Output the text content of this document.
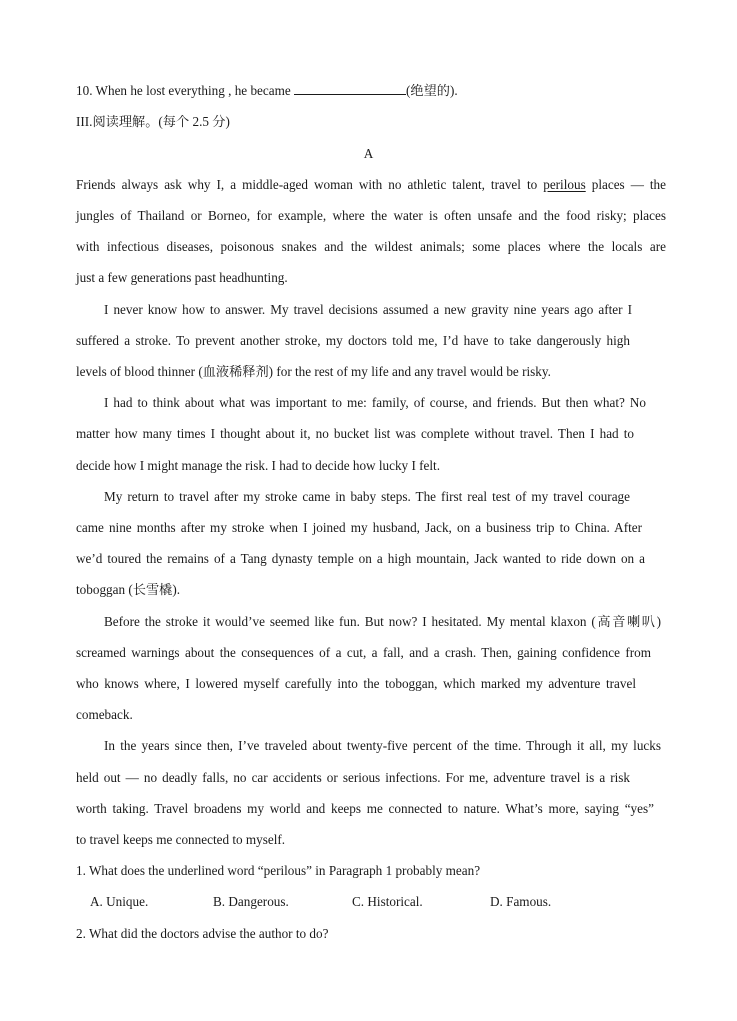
10. When he lost everything , he became	(绝望的).
III.阅读理解。(每个 2.5 分)
A
Friends always ask why I, a middle-aged woman with no athletic talent, travel to perilous places — the
jungles of Thailand or Borneo, for example, where the water is often unsafe and the food risky; places
with infectious diseases, poisonous snakes and the wildest animals; some places where the locals are
just a few generations past headhunting.
I never know how to answer. My travel decisions assumed a new gravity nine years ago after I
suffered a stroke. To prevent another stroke, my doctors told me, I’d have to take dangerously high
levels of blood thinner (血液稀释剂) for the rest of my life and any travel would be risky.
I had to think about what was important to me: family, of course, and friends. But then what? No
matter how many times I thought about it, no bucket list was complete without travel. Then I had to
decide how I might manage the risk. I had to decide how lucky I felt.
My return to travel after my stroke came in baby steps. The first real test of my travel courage
came nine months after my stroke when I joined my husband, Jack, on a business trip to China. After
we’d toured the remains of a Tang dynasty temple on a high mountain, Jack wanted to ride down on a
toboggan (长雪橇).
Before the stroke it would’ve seemed like fun. But now? I hesitated. My mental klaxon (高音喇叭)
screamed warnings about the consequences of a cut, a fall, and a crash. Then, gaining confidence from
who knows where, I lowered myself carefully into the toboggan, which marked my adventure travel
comeback.
In the years since then, I’ve traveled about twenty-five percent of the time. Through it all, my lucks
held out — no deadly falls, no car accidents or serious infections. For me, adventure travel is a risk
worth taking. Travel broadens my world and keeps me connected to nature. What’s more, saying “yes”
to travel keeps me connected to myself.
1. What does the underlined word “perilous” in Paragraph 1 probably mean?
A. Unique.	B. Dangerous.	C. Historical.	D. Famous.
2. What did the doctors advise the author to do?
